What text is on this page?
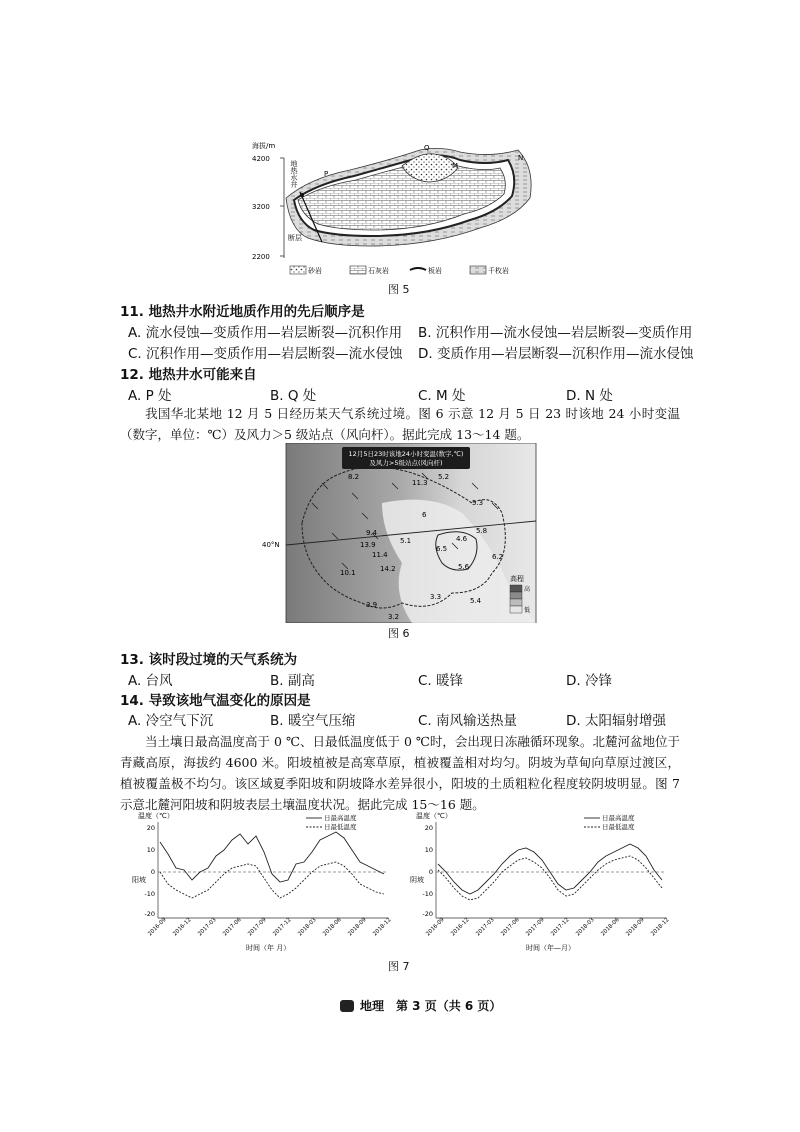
海拔/m
4200
3200
2200
地热水井
断层
P
Q
M
N
砂岩	石灰岩	板岩	千枚岩
图 5
11. 地热井水附近地质作用的先后顺序是
A. 流水侵蚀—变质作用—岩层断裂—沉积作用 B. 沉积作用—流水侵蚀—岩层断裂—变质作用
C. 沉积作用—变质作用—岩层断裂—流水侵蚀 D. 变质作用—岩层断裂—沉积作用—流水侵蚀
12. 地热井水可能来自
A. P 处	B. Q 处	C. M 处	D. N 处
我国华北某地 12 月 5 日经历某天气系统过境。图 6 示意 12 月 5 日 23 时该地 24 小时变温（数字，单位：℃）及风力＞5 级站点（风向杆）。据此完成 13～14 题。
12月5日23时该地24小时变温(数字,℃)
及风力>5级站点(风向杆)
40°N
8.2
11.3
5.2
5.3
6
5.8
9.4
4.6
6.5
6.2
13.9	5.1
11.4
14.2
10.1
5.6
3.9
3.3	5.4
3.2
高程
高
低
图 6
13. 该时段过境的天气系统为
A. 台风	B. 副高	C. 暖锋	D. 冷锋
14. 导致该地气温变化的原因是
A. 冷空气下沉	B. 暖空气压缩	C. 南风输送热量	D. 太阳辐射增强
当土壤日最高温度高于 0 ℃、日最低温度低于 0 ℃时，会出现日冻融循环现象。北麓河盆地位于青藏高原，海拔约 4600 米。阳坡植被是高寒草原，植被覆盖相对均匀。阴坡为草甸向草原过渡区，植被覆盖极不均匀。该区域夏季阳坡和阴坡降水差异很小，阳坡的土质粗粒化程度较阴坡明显。图 7 示意北麓河阳坡和阴坡表层土壤温度状况。据此完成 15～16 题。
温度（℃）
阳坡
20
10
0
-10
-20
日最高温度
日最低温度
2016-09 2016-12 2017-03 2017-06 2017-09 2017-12 2018-03 2018-06 2018-09 2018-12
时间（年 月）
温度（℃）
阴坡
20
10
0
-10
-20
日最高温度
日最低温度
2016-09 2016-12 2017-03 2017-06 2017-09 2017-12 2018-03 2018-06 2018-09 2018-12
时间（年—月）
图 7
地理　第 3 页（共 6 页）
